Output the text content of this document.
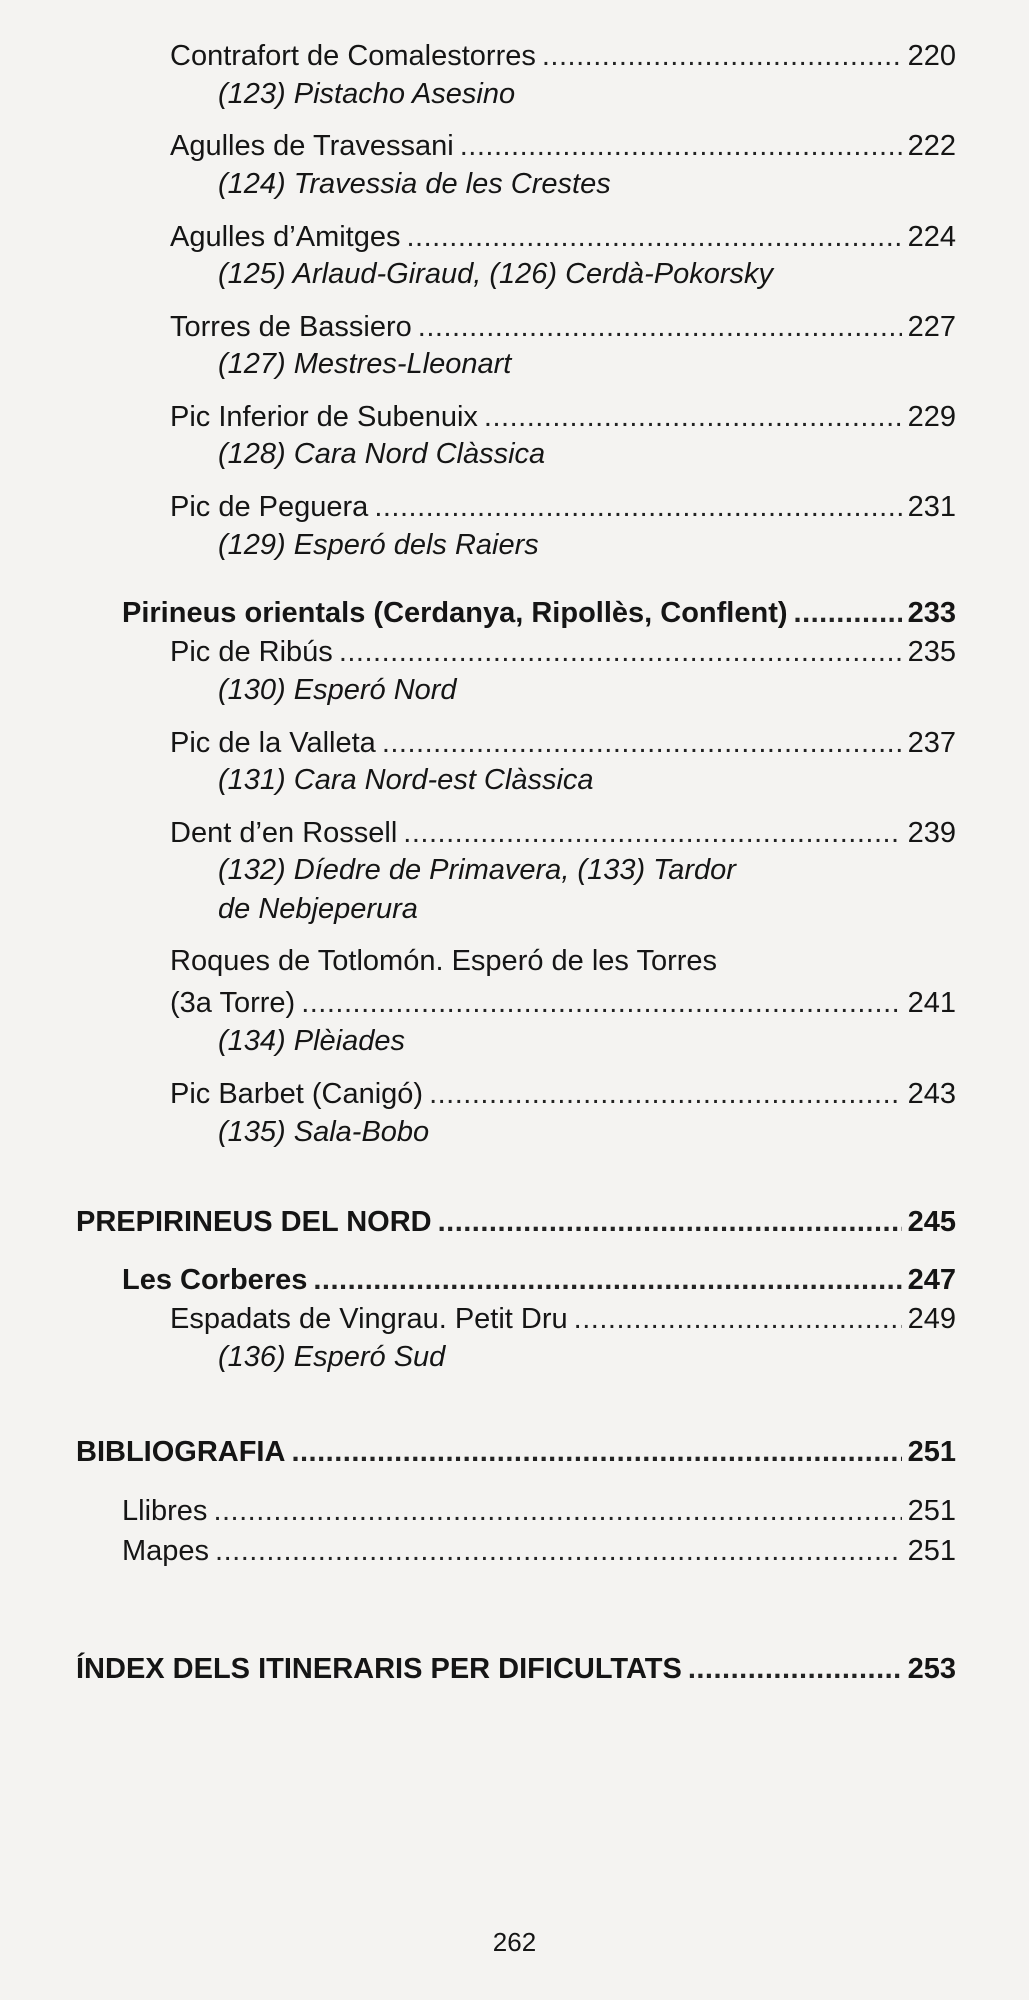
Contrafort de Comalestorres .....	220
(123) Pistacho Asesino
Agulles de Travessani .....	222
(124) Travessia de les Crestes
Agulles d’Amitges .....	224
(125) Arlaud-Giraud, (126) Cerdà-Pokorsky
Torres de Bassiero .....	227
(127) Mestres-Lleonart
Pic Inferior de Subenuix .....	229
(128) Cara Nord Clàssica
Pic de Peguera .....	231
(129) Esperó dels Raiers
Pirineus orientals (Cerdanya, Ripollès, Conflent) .....	233
Pic de Ribús .....	235
(130) Esperó Nord
Pic de la Valleta .....	237
(131) Cara Nord-est Clàssica
Dent d’en Rossell .....	239
(132) Díedre de Primavera, (133) Tardor
de Nebjeperura
Roques de Totlomón. Esperó de les Torres
(3a Torre) .....	241
(134) Plèiades
Pic Barbet (Canigó) .....	243
(135) Sala-Bobo
PREPIRINEUS DEL NORD .....	245
Les Corberes .....	247
Espadats de Vingrau. Petit Dru .....	249
(136) Esperó Sud
BIBLIOGRAFIA .....	251
Llibres .....	251
Mapes .....	251
ÍNDEX DELS ITINERARIS PER DIFICULTATS .....	253
262
